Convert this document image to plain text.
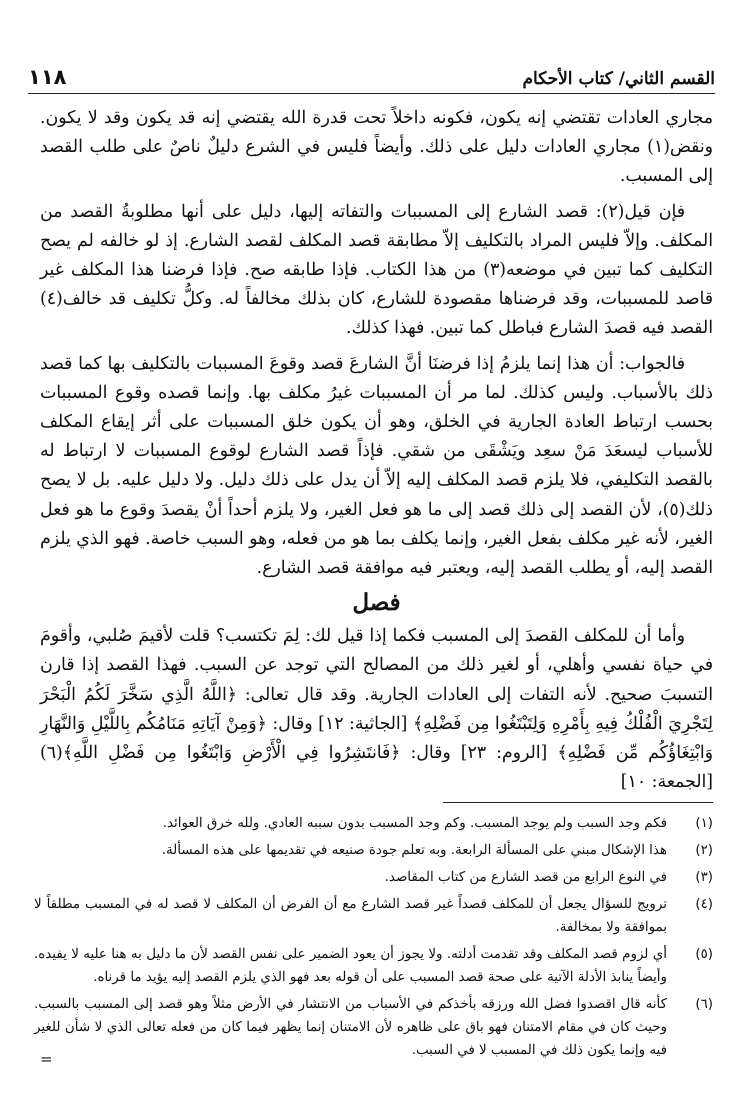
القسم الثاني/ كتاب الأحكام
١١٨

مجاري العادات تقتضي إنه يكون، فكونه داخلاً تحت قدرة الله يقتضي إنه قد يكون وقد لا يكون. ونقض(١) مجاري العادات دليل على ذلك. وأيضاً فليس في الشرع دليلٌ ناصٌ على طلب القصد إلى المسبب.

فإن قيل(٢): قصد الشارع إلى المسببات والتفاته إليها، دليل على أنها مطلوبةُ القصد من المكلف. وإلاّ فليس المراد بالتكليف إلاّ مطابقة قصد المكلف لقصد الشارع. إذ لو خالفه لم يصح التكليف كما تبين في موضعه(٣) من هذا الكتاب. فإذا طابقه صح. فإذا فرضنا هذا المكلف غير قاصد للمسببات، وقد فرضناها مقصودة للشارع، كان بذلك مخالفاً له. وكلُّ تكليف قد خالف(٤) القصد فيه قصدَ الشارع فباطل كما تبين. فهذا كذلك.

فالجواب: أن هذا إنما يلزمُ إذا فرضنَا أنَّ الشارعَ قصد وقوعَ المسببات بالتكليف بها كما قصد ذلك بالأسباب. وليس كذلك. لما مر أن المسببات غيرُ مكلف بها. وإنما قصده وقوع المسببات بحسب ارتباط العادة الجارية في الخلق، وهو أن يكون خلق المسببات على أثر إيقاع المكلف للأسباب ليسعَدَ مَنْ سعِد ويَشْقَى من شقي. فإذاً قصد الشارع لوقوع المسببات لا ارتباط له بالقصد التكليفي، فلا يلزم قصد المكلف إليه إلاّ أن يدل على ذلك دليل. ولا دليل عليه. بل لا يصح ذلك(٥)، لأن القصد إلى ذلك قصد إلى ما هو فعل الغير، ولا يلزم أحداً أنْ يقصدَ وقوع ما هو فعل الغير، لأنه غير مكلف بفعل الغير، وإنما يكلف بما هو من فعله، وهو السبب خاصة. فهو الذي يلزم القصد إليه، أو يطلب القصد إليه، ويعتبر فيه موافقة قصد الشارع.

فصل

وأما أن للمكلف القصدَ إلى المسبب فكما إذا قيل لك: لِمَ تكتسب؟ قلت لأقيمَ صُلبي، وأقومَ في حياة نفسي وأهلي، أو لغير ذلك من المصالح التي توجد عن السبب. فهذا القصد إذا قارن التسببَ صحيح. لأنه التفات إلى العادات الجارية. وقد قال تعالى: ﴿اللَّهُ الَّذِي سَخَّرَ لَكُمُ الْبَحْرَ لِتَجْرِيَ الْفُلْكُ فِيهِ بِأَمْرِهِ وَلِتَبْتَغُوا مِن فَضْلِهِ﴾ [الجاثية: ١٢] وقال: ﴿وَمِنْ آيَاتِهِ مَنَامُكُم بِاللَّيْلِ وَالنَّهَارِ وَابْتِغَاؤُكُم مِّن فَضْلِهِ﴾ [الروم: ٢٣] وقال: ﴿فَانتَشِرُوا فِي الْأَرْضِ وَابْتَغُوا مِن فَضْلِ اللَّهِ﴾(٦) [الجمعة: ١٠]

(١)
فكم وجد السبب ولم يوجد المسبب. وكم وجد المسبب بدون سببه العادي. ولله خرق العوائد.
(٢)
هذا الإشكال مبني على المسألة الرابعة. وبه تعلم جودة صنيعه في تقديمها على هذه المسألة.
(٣)
في النوع الرابع من قصد الشارع من كتاب المقاصد.
(٤)
ترويج للسؤال يجعل أن للمكلف قصداً غير قصد الشارع مع أن الفرض أن المكلف لا قصد له في المسبب مطلقاً لا بموافقة ولا بمخالفة.
(٥)
أي لزوم قصد المكلف وقد تقدمت أدلته. ولا يجوز أن يعود الضمير على نفس القصد لأن ما دليل به هنا عليه لا يفيده. وأيضاً ينابذ الأدلة الآتية على صحة قصد المسبب على أن قوله بعد فهو الذي يلزم القصد إليه يؤيد ما قرناه.
(٦)
كأنه قال اقصدوا فضل الله ورزقه بأخذكم في الأسباب من الانتشار في الأرض مثلاً وهو قصد إلى المسبب بالسبب. وحيث كان في مقام الامتنان فهو باق على ظاهره لأن الامتنان إنما يظهر فيما كان من فعله تعالى الذي لا شأن للغير فيه وإنما يكون ذلك في المسبب لا في السبب.
=
